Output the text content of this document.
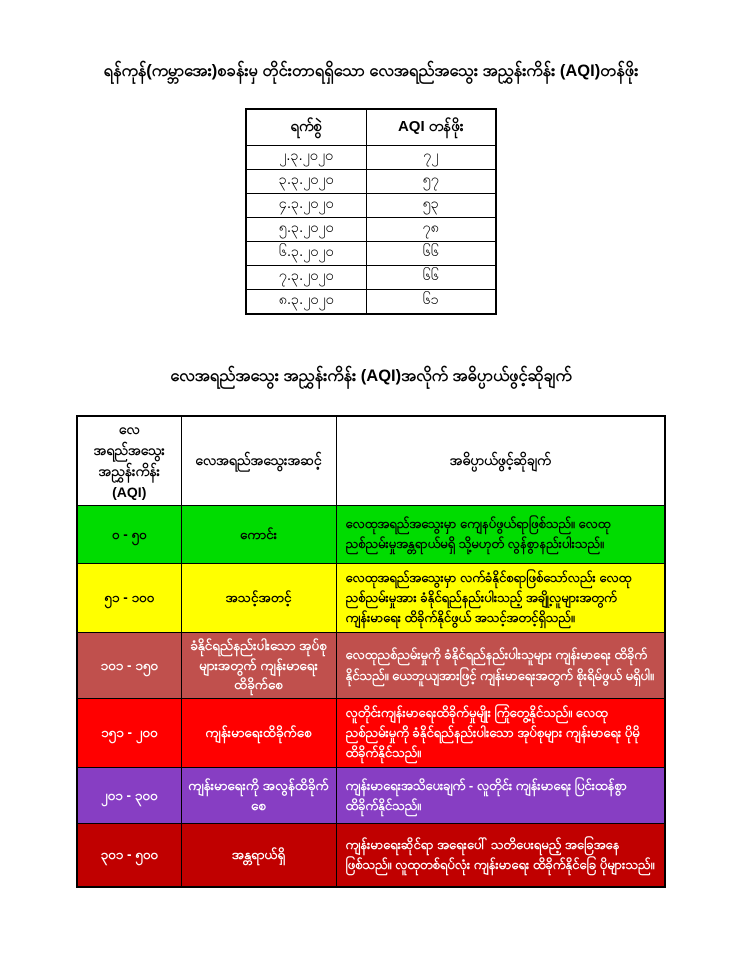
ရန်ကုန်(ကမ္ဘာအေး)စခန်းမှ တိုင်းတာရရှိသော လေအရည်အသွေး အညွှန်းကိန်း (AQI)တန်ဖိုး
ရက်စွဲ	AQI တန်ဖိုး
၂.၃.၂၀၂၀	၇၂
၃.၃.၂၀၂၀	၅၇
၄.၃.၂၀၂၀	၅၃
၅.၃.၂၀၂၀	၇၈
၆.၃.၂၀၂၀	၆၆
၇.၃.၂၀၂၀	၆၆
၈.၃.၂၀၂၀	၆၁
လေအရည်အသွေး အညွှန်းကိန်း (AQI)အလိုက် အဓိပ္ပာယ်ဖွင့်ဆိုချက်
လေအရည်အသွေး အညွှန်းကိန်း (AQI)	လေအရည်အသွေးအဆင့်	အဓိပ္ပာယ်ဖွင့်ဆိုချက်
၀ - ၅၀	ကောင်း	လေထုအရည်အသွေးမှာ ကျေနပ်ဖွယ်ရာဖြစ်သည်။ လေထုညစ်ညမ်းမှုအန္တရာယ်မရှိ သို့မဟုတ် လွန်စွာနည်းပါးသည်။
၅၁ - ၁၀၀	အသင့်အတင့်	လေထုအရည်အသွေးမှာ လက်ခံနိုင်စရာဖြစ်သော်လည်း လေထုညစ်ညမ်းမှုအား ခံနိုင်ရည်နည်းပါးသည့် အချို့လူများအတွက် ကျန်းမာရေး ထိခိုက်နိုင်ဖွယ် အသင့်အတင့်ရှိသည်။
၁၀၁ - ၁၅၀	ခံနိုင်ရည်နည်းပါးသော အုပ်စုများအတွက် ကျန်းမာရေးထိခိုက်စေ	လေထုညစ်ညမ်းမှုကို ခံနိုင်ရည်နည်းပါးသူများ ကျန်းမာရေး ထိခိုက်နိုင်သည်။ ယေဘူယျအားဖြင့် ကျန်းမာရေးအတွက် စိုးရိမ်ဖွယ် မရှိပါ။
၁၅၁ - ၂၀၀	ကျန်းမာရေးထိခိုက်စေ	လူတိုင်းကျန်းမာရေးထိခိုက်မှုမျိုး ကြုံတွေ့နိုင်သည်။ လေထုညစ်ညမ်းမှုကို ခံနိုင်ရည်နည်းပါးသော အုပ်စုများ ကျန်းမာရေး ပိုမိုထိခိုက်နိုင်သည်။
၂၀၁ - ၃၀၀	ကျန်းမာရေးကို အလွန်ထိခိုက်စေ	ကျန်းမာရေးအသိပေးချက် - လူတိုင်း ကျန်းမာရေး ပြင်းထန်စွာ ထိခိုက်နိုင်သည်။
၃၀၁ - ၅၀၀	အန္တရာယ်ရှိ	ကျန်းမာရေးဆိုင်ရာ အရေးပေါ် သတိပေးရမည့် အခြေအနေဖြစ်သည်။ လူထုတစ်ရပ်လုံး ကျန်းမာရေး ထိခိုက်နိုင်ခြေ ပိုများသည်။
